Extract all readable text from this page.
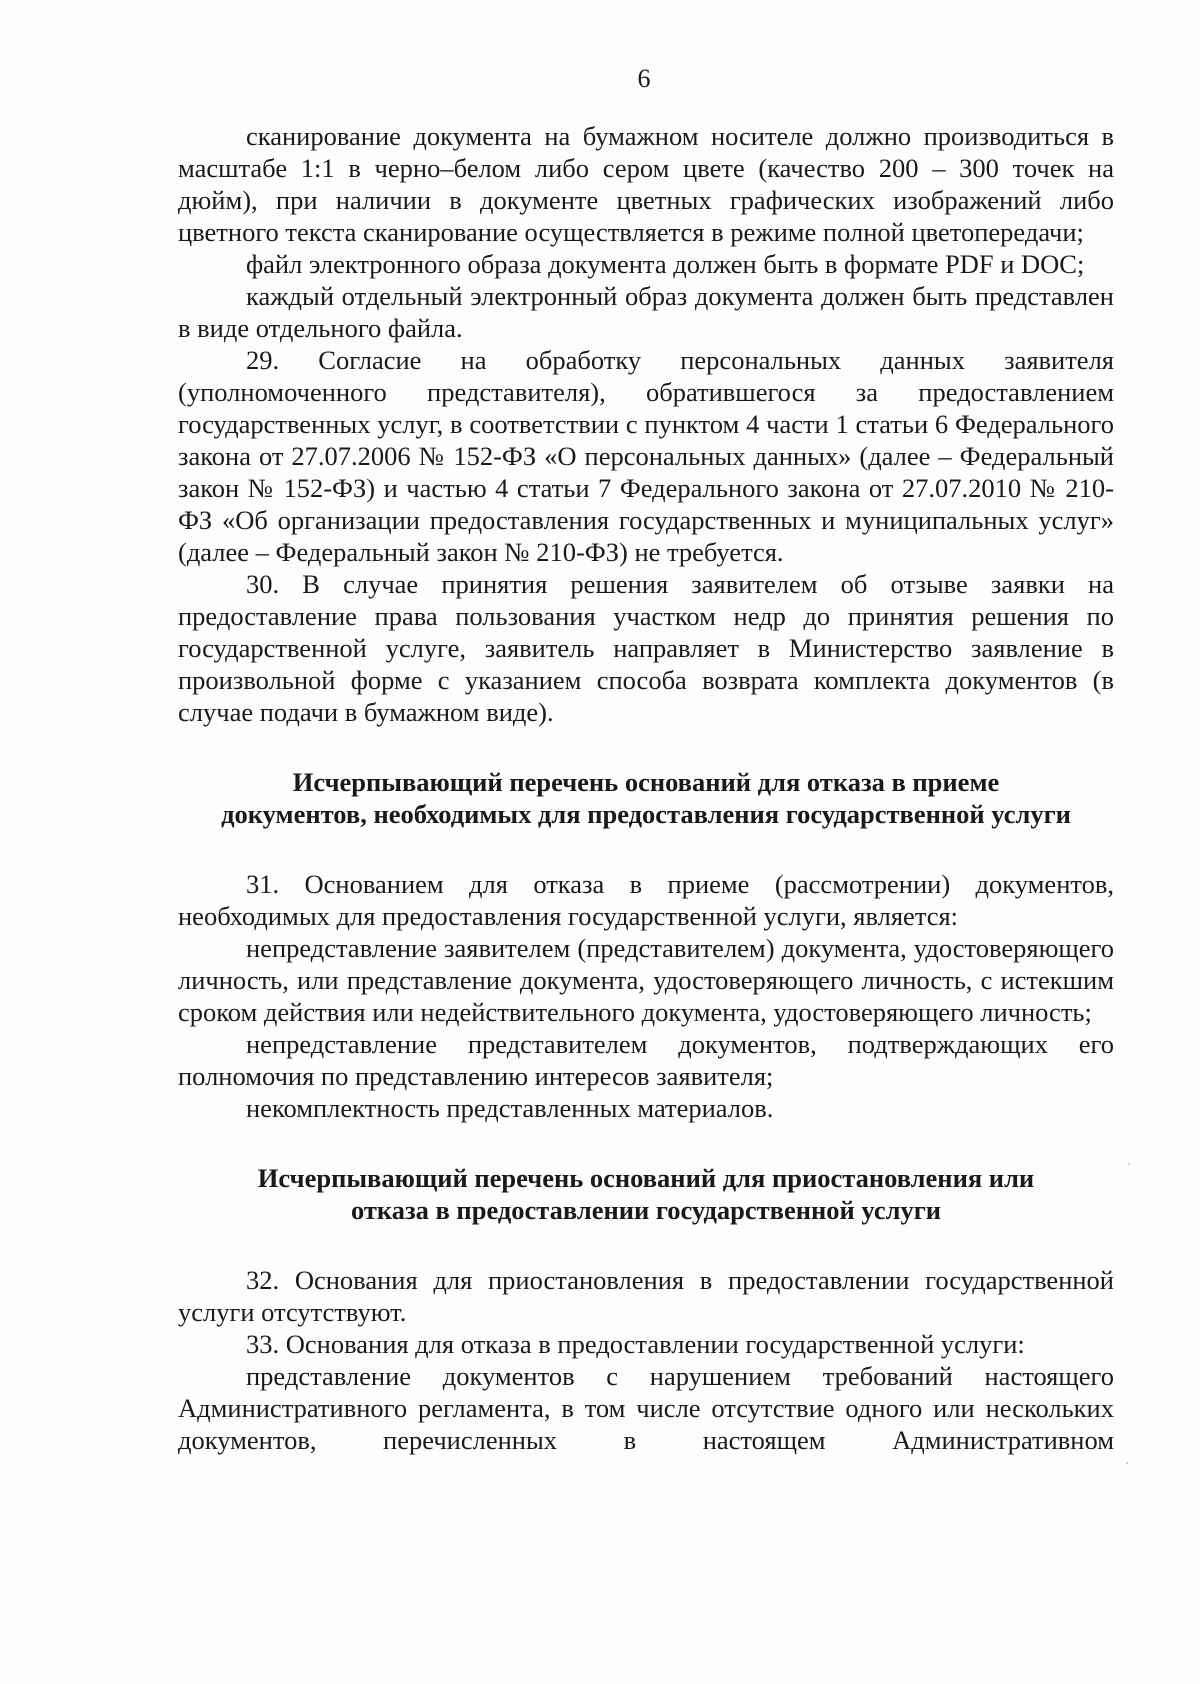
6

сканирование документа на бумажном носителе должно производиться в масштабе 1:1 в черно–белом либо сером цвете (качество 200 – 300 точек на дюйм), при наличии в документе цветных графических изображений либо цветного текста сканирование осуществляется в режиме полной цветопередачи;

файл электронного образа документа должен быть в формате PDF и DOC;

каждый отдельный электронный образ документа должен быть представлен в виде отдельного файла.

29. Согласие на обработку персональных данных заявителя (уполномоченного представителя), обратившегося за предоставлением государственных услуг, в соответствии с пунктом 4 части 1 статьи 6 Федерального закона от 27.07.2006 № 152-ФЗ «О персональных данных» (далее – Федеральный закон № 152-ФЗ) и частью 4 статьи 7 Федерального закона от 27.07.2010 № 210-ФЗ «Об организации предоставления государственных и муниципальных услуг» (далее – Федеральный закон № 210-ФЗ) не требуется.

30. В случае принятия решения заявителем об отзыве заявки на предоставление права пользования участком недр до принятия решения по государственной услуге, заявитель направляет в Министерство заявление в произвольной форме с указанием способа возврата комплекта документов (в случае подачи в бумажном виде).

Исчерпывающий перечень оснований для отказа в приеме
документов, необходимых для предоставления государственной услуги

31. Основанием для отказа в приеме (рассмотрении) документов, необходимых для предоставления государственной услуги, является:

непредставление заявителем (представителем) документа, удостоверяющего личность, или представление документа, удостоверяющего личность, с истекшим сроком действия или недействительного документа, удостоверяющего личность;

непредставление представителем документов, подтверждающих его полномочия по представлению интересов заявителя;

некомплектность представленных материалов.

Исчерпывающий перечень оснований для приостановления или
отказа в предоставлении государственной услуги

32. Основания для приостановления в предоставлении государственной услуги отсутствуют.

33. Основания для отказа в предоставлении государственной услуги:

представление документов с нарушением требований настоящего Административного регламента, в том числе отсутствие одного или нескольких документов, перечисленных в настоящем Административном
